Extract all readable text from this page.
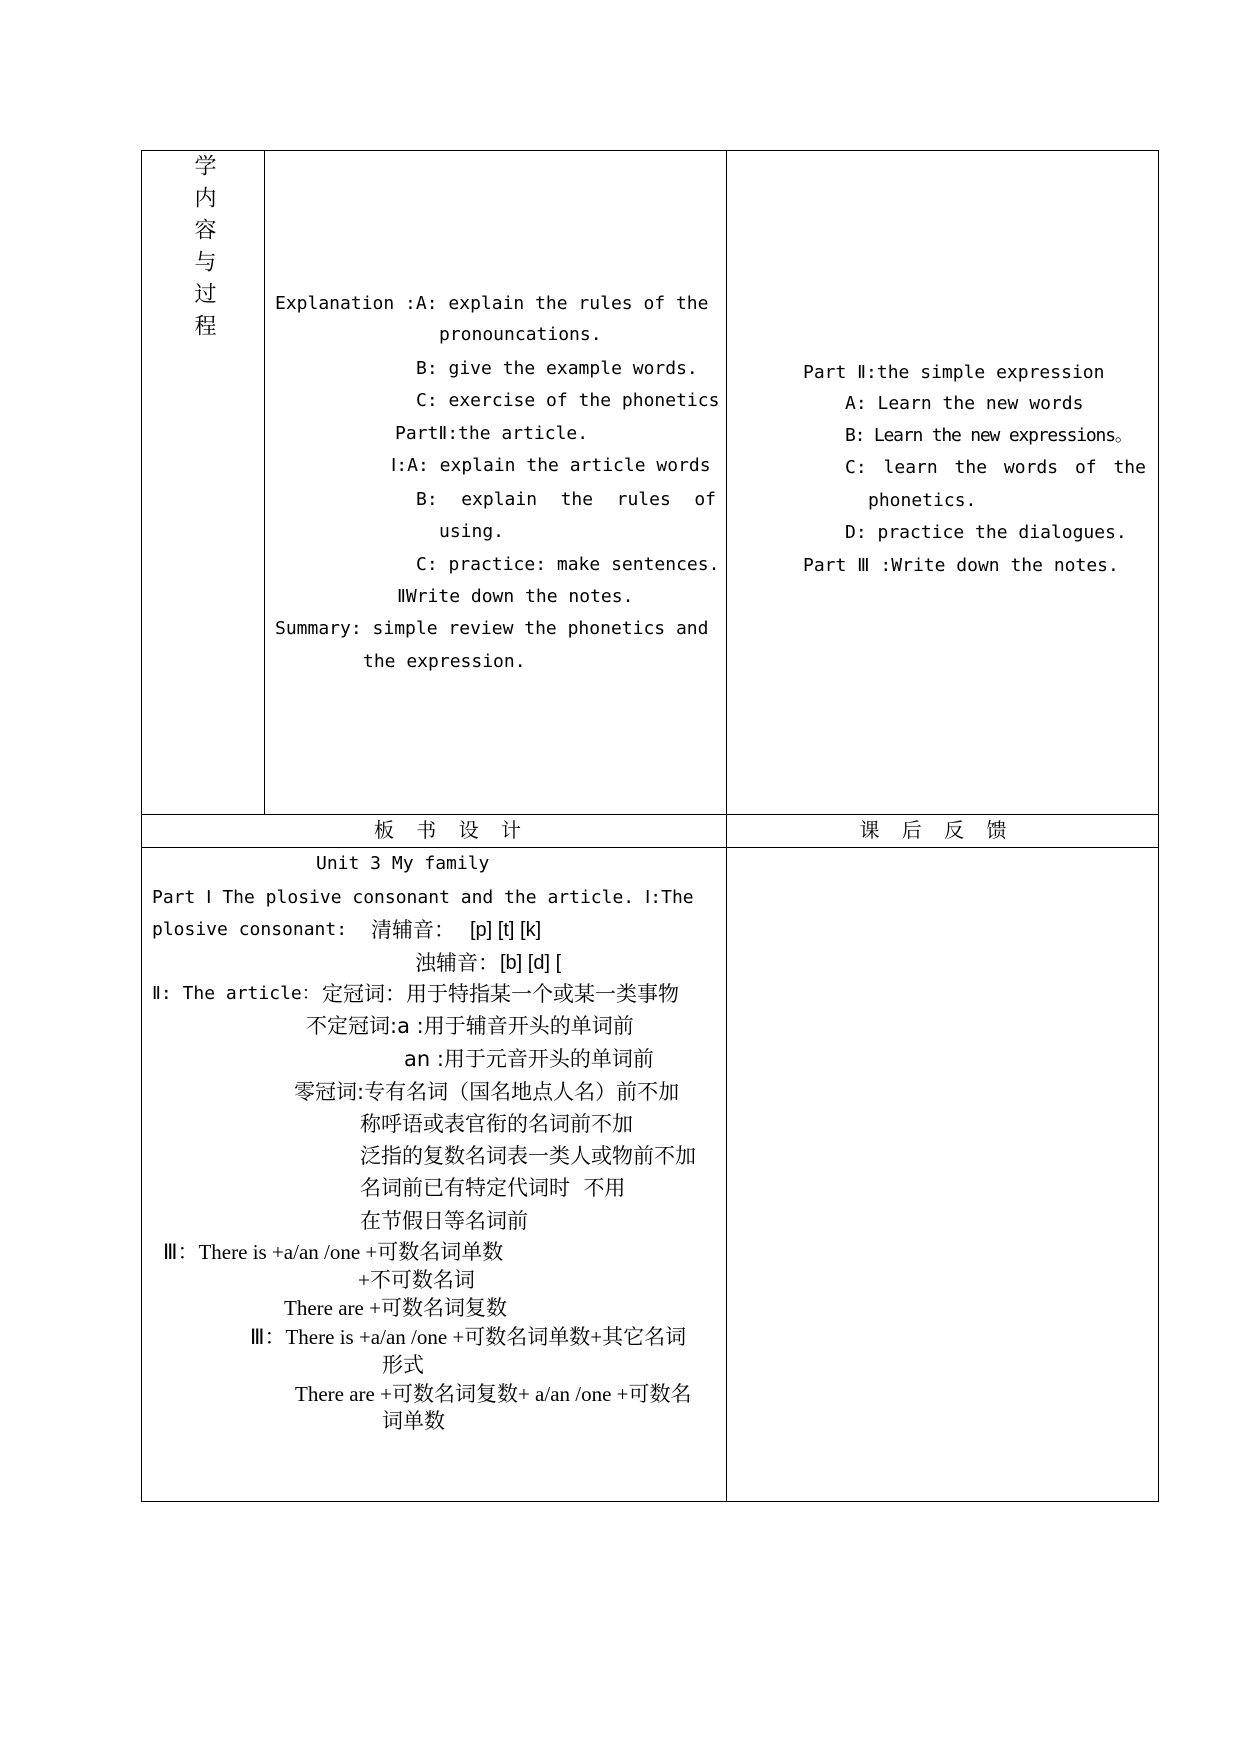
学内容与过程	Explanation :A: explain the rules of the
pronouncations.
B: give the example words.
C: exercise of the phonetics
PartⅡ:the article.
Ⅰ:A: explain the article words
B: explain the rules of
using.
C: practice: make sentences.
ⅡWrite down the notes.
Summary: simple review the phonetics and
the expression.
Part Ⅱ:the simple expression
A: Learn the new words
B: Learn the new expressions。
C: learn the words of the
phonetics.
D: practice the dialogues.
Part Ⅲ :Write down the notes.
板 书 设 计	课 后 反 馈
Unit 3 My family
Part Ⅰ The plosive consonant and the article. Ⅰ:The
plosive consonant: 清辅音： [p] [t] [k]
浊辅音： [b] [d] [
Ⅱ: The article： 定冠词：用于特指某一个或某一类事物
不定冠词:a :用于辅音开头的单词前
an :用于元音开头的单词前
零冠词:专有名词（国名地点人名）前不加
称呼语或表官衔的名词前不加
泛指的复数名词表一类人或物前不加
名词前已有特定代词时  不用
在节假日等名词前
Ⅲ：There is +a/an /one +可数名词单数
+不可数名词
There are +可数名词复数
Ⅲ：There is +a/an /one +可数名词单数+其它名词
形式
There are +可数名词复数+ a/an /one +可数名
词单数
